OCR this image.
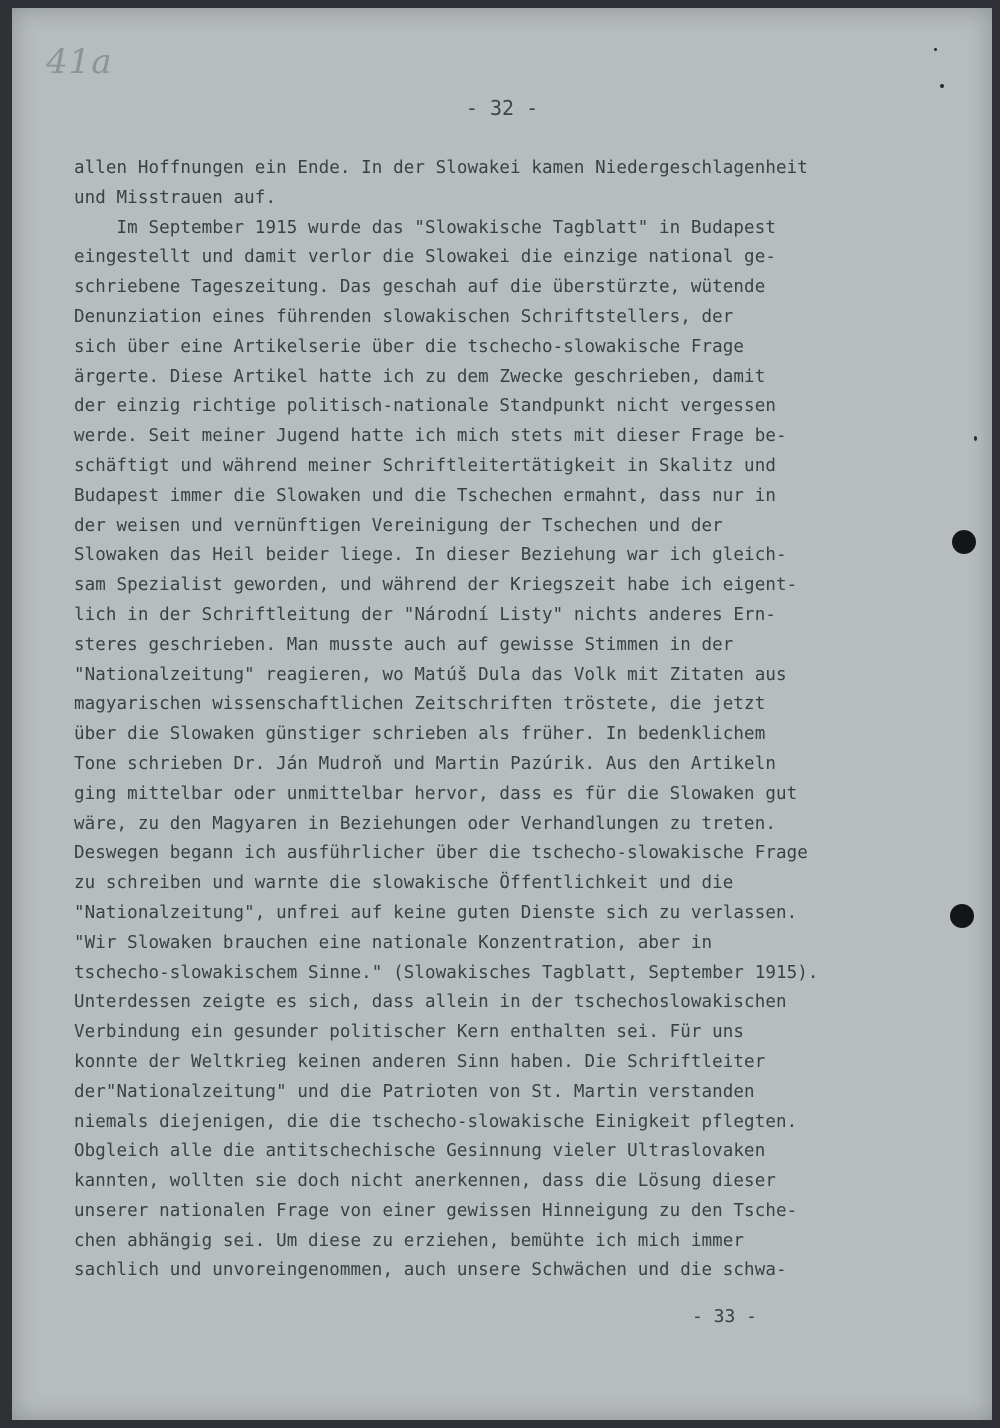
41a
- 32 -
allen Hoffnungen ein Ende. In der Slowakei kamen Niedergeschlagenheit
und Misstrauen auf.
Im September 1915 wurde das "Slowakische Tagblatt" in Budapest
eingestellt und damit verlor die Slowakei die einzige national ge-
schriebene Tageszeitung. Das geschah auf die überstürzte, wütende
Denunziation eines führenden slowakischen Schriftstellers, der
sich über eine Artikelserie über die tschecho-slowakische Frage
ärgerte. Diese Artikel hatte ich zu dem Zwecke geschrieben, damit
der einzig richtige politisch-nationale Standpunkt nicht vergessen
werde. Seit meiner Jugend hatte ich mich stets mit dieser Frage be-
schäftigt und während meiner Schriftleitertätigkeit in Skalitz und
Budapest immer die Slowaken und die Tschechen ermahnt, dass nur in
der weisen und vernünftigen Vereinigung der Tschechen und der
Slowaken das Heil beider liege. In dieser Beziehung war ich gleich-
sam Spezialist geworden, und während der Kriegszeit habe ich eigent-
lich in der Schriftleitung der "Národní Listy" nichts anderes Ern-
steres geschrieben. Man musste auch auf gewisse Stimmen in der
"Nationalzeitung" reagieren, wo Matúš Dula das Volk mit Zitaten aus
magyarischen wissenschaftlichen Zeitschriften tröstete, die jetzt
über die Slowaken günstiger schrieben als früher. In bedenklichem
Tone schrieben Dr. Ján Mudroň und Martin Pazúrik. Aus den Artikeln
ging mittelbar oder unmittelbar hervor, dass es für die Slowaken gut
wäre, zu den Magyaren in Beziehungen oder Verhandlungen zu treten.
Deswegen begann ich ausführlicher über die tschecho-slowakische Frage
zu schreiben und warnte die slowakische Öffentlichkeit und die
"Nationalzeitung", unfrei auf keine guten Dienste sich zu verlassen.
"Wir Slowaken brauchen eine nationale Konzentration, aber in
tschecho-slowakischem Sinne." (Slowakisches Tagblatt, September 1915).
Unterdessen zeigte es sich, dass allein in der tschechoslowakischen
Verbindung ein gesunder politischer Kern enthalten sei. Für uns
konnte der Weltkrieg keinen anderen Sinn haben. Die Schriftleiter
der"Nationalzeitung" und die Patrioten von St. Martin verstanden
niemals diejenigen, die die tschecho-slowakische Einigkeit pflegten.
Obgleich alle die antitschechische Gesinnung vieler Ultraslovaken
kannten, wollten sie doch nicht anerkennen, dass die Lösung dieser
unserer nationalen Frage von einer gewissen Hinneigung zu den Tsche-
chen abhängig sei. Um diese zu erziehen, bemühte ich mich immer
sachlich und unvoreingenommen, auch unsere Schwächen und die schwa-
- 33 -
